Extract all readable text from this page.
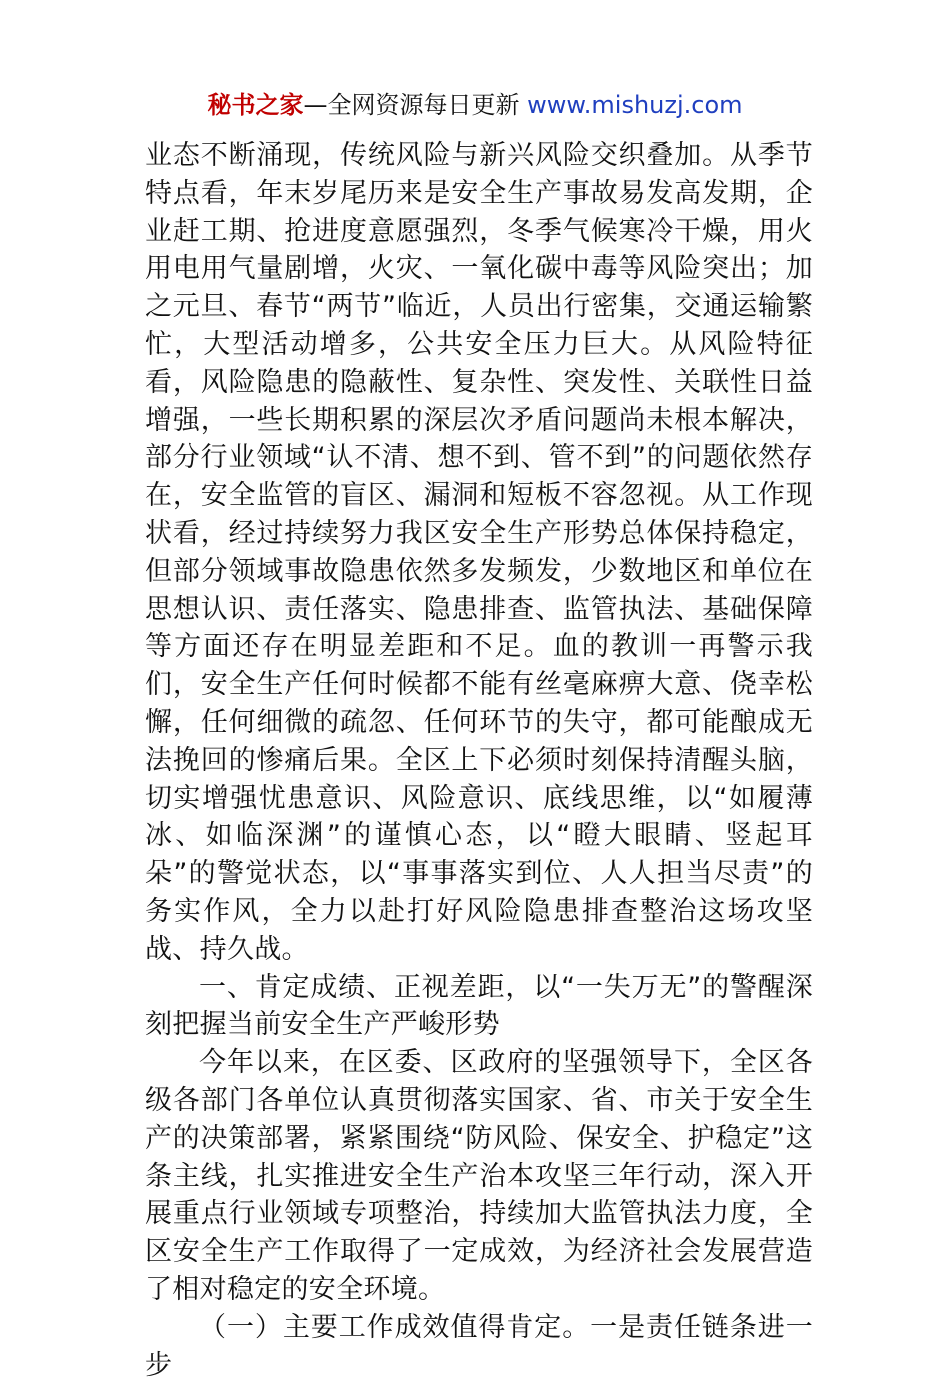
秘书之家—全网资源每日更新 www.mishuzj.com

业态不断涌现，传统风险与新兴风险交织叠加。从季节特点看，年末岁尾历来是安全生产事故易发高发期，企业赶工期、抢进度意愿强烈，冬季气候寒冷干燥，用火用电用气量剧增，火灾、一氧化碳中毒等风险突出；加之元旦、春节“两节”临近，人员出行密集，交通运输繁忙，大型活动增多，公共安全压力巨大。从风险特征看，风险隐患的隐蔽性、复杂性、突发性、关联性日益增强，一些长期积累的深层次矛盾问题尚未根本解决，部分行业领域“认不清、想不到、管不到”的问题依然存在，安全监管的盲区、漏洞和短板不容忽视。从工作现状看，经过持续努力我区安全生产形势总体保持稳定，但部分领域事故隐患依然多发频发，少数地区和单位在思想认识、责任落实、隐患排查、监管执法、基础保障等方面还存在明显差距和不足。血的教训一再警示我们，安全生产任何时候都不能有丝毫麻痹大意、侥幸松懈，任何细微的疏忽、任何环节的失守，都可能酿成无法挽回的惨痛后果。全区上下必须时刻保持清醒头脑，切实增强忧患意识、风险意识、底线思维，以“如履薄冰、如临深渊”的谨慎心态，以“瞪大眼睛、竖起耳朵”的警觉状态，以“事事落实到位、人人担当尽责”的务实作风，全力以赴打好风险隐患排查整治这场攻坚战、持久战。

一、肯定成绩、正视差距，以“一失万无”的警醒深刻把握当前安全生产严峻形势

今年以来，在区委、区政府的坚强领导下，全区各级各部门各单位认真贯彻落实国家、省、市关于安全生产的决策部署，紧紧围绕“防风险、保安全、护稳定”这条主线，扎实推进安全生产治本攻坚三年行动，深入开展重点行业领域专项整治，持续加大监管执法力度，全区安全生产工作取得了一定成效，为经济社会发展营造了相对稳定的安全环境。

（一）主要工作成效值得肯定。一是责任链条进一步
